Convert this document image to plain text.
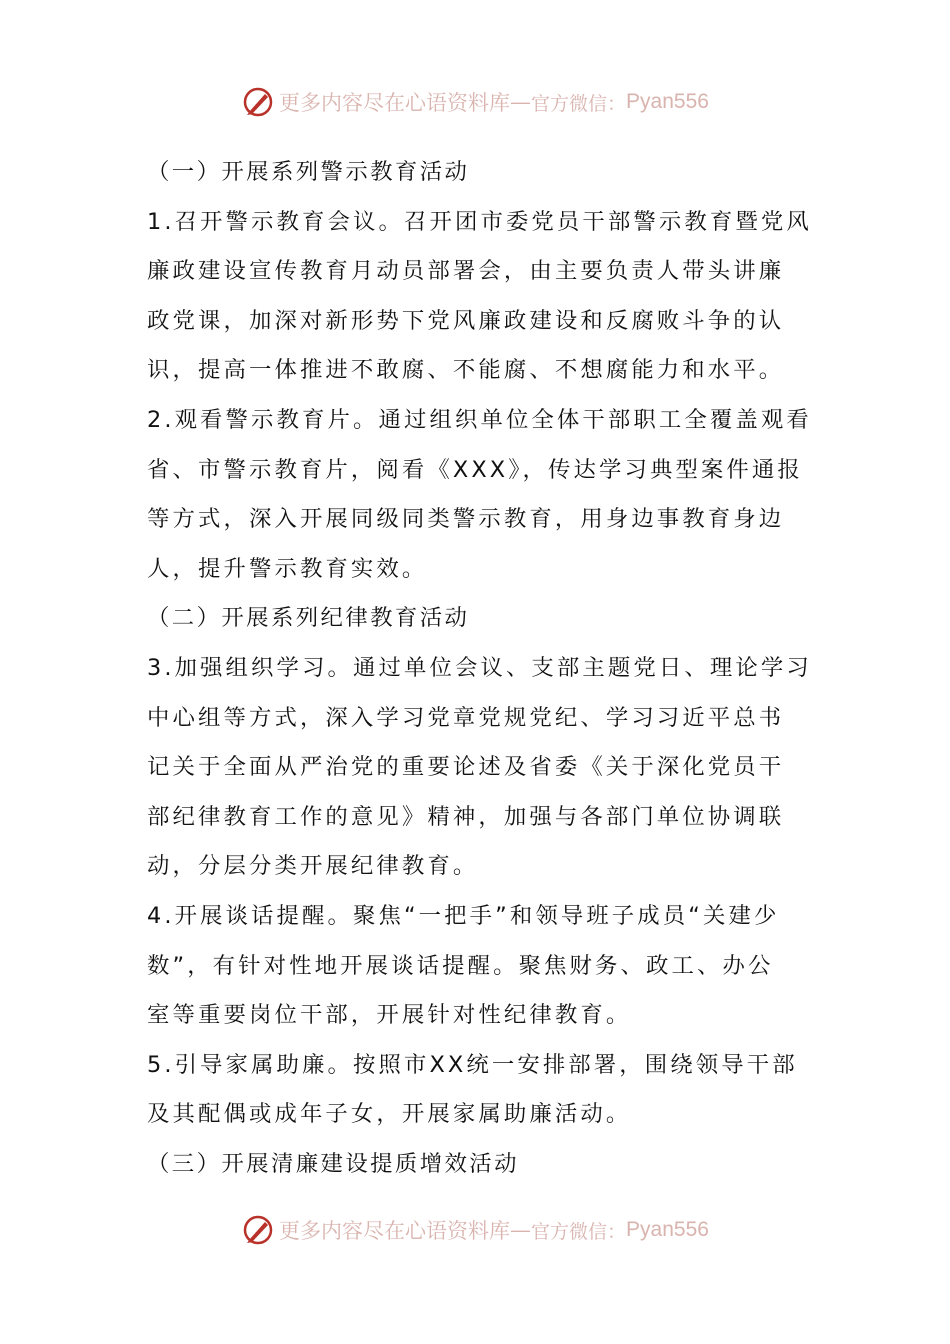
更多内容尽在心语资料库 — 官方微信： Pyan556
（一）开展系列警示教育活动
1.召开警示教育会议。召开团市委党员干部警示教育暨党风
廉政建设宣传教育月动员部署会，由主要负责人带头讲廉
政党课，加深对新形势下党风廉政建设和反腐败斗争的认
识，提高一体推进不敢腐、不能腐、不想腐能力和水平。
2.观看警示教育片。通过组织单位全体干部职工全覆盖观看
省、市警示教育片，阅看《XXX》，传达学习典型案件通报
等方式，深入开展同级同类警示教育，用身边事教育身边
人，提升警示教育实效。
（二）开展系列纪律教育活动
3.加强组织学习。通过单位会议、支部主题党日、理论学习
中心组等方式，深入学习党章党规党纪、学习习近平总书
记关于全面从严治党的重要论述及省委《关于深化党员干
部纪律教育工作的意见》精神，加强与各部门单位协调联
动，分层分类开展纪律教育。
4.开展谈话提醒。聚焦“一把手”和领导班子成员“关建少
数”，有针对性地开展谈话提醒。聚焦财务、政工、办公
室等重要岗位干部，开展针对性纪律教育。
5.引导家属助廉。按照市XX统一安排部署，围绕领导干部
及其配偶或成年子女，开展家属助廉活动。
（三）开展清廉建设提质增效活动
更多内容尽在心语资料库 — 官方微信： Pyan556
